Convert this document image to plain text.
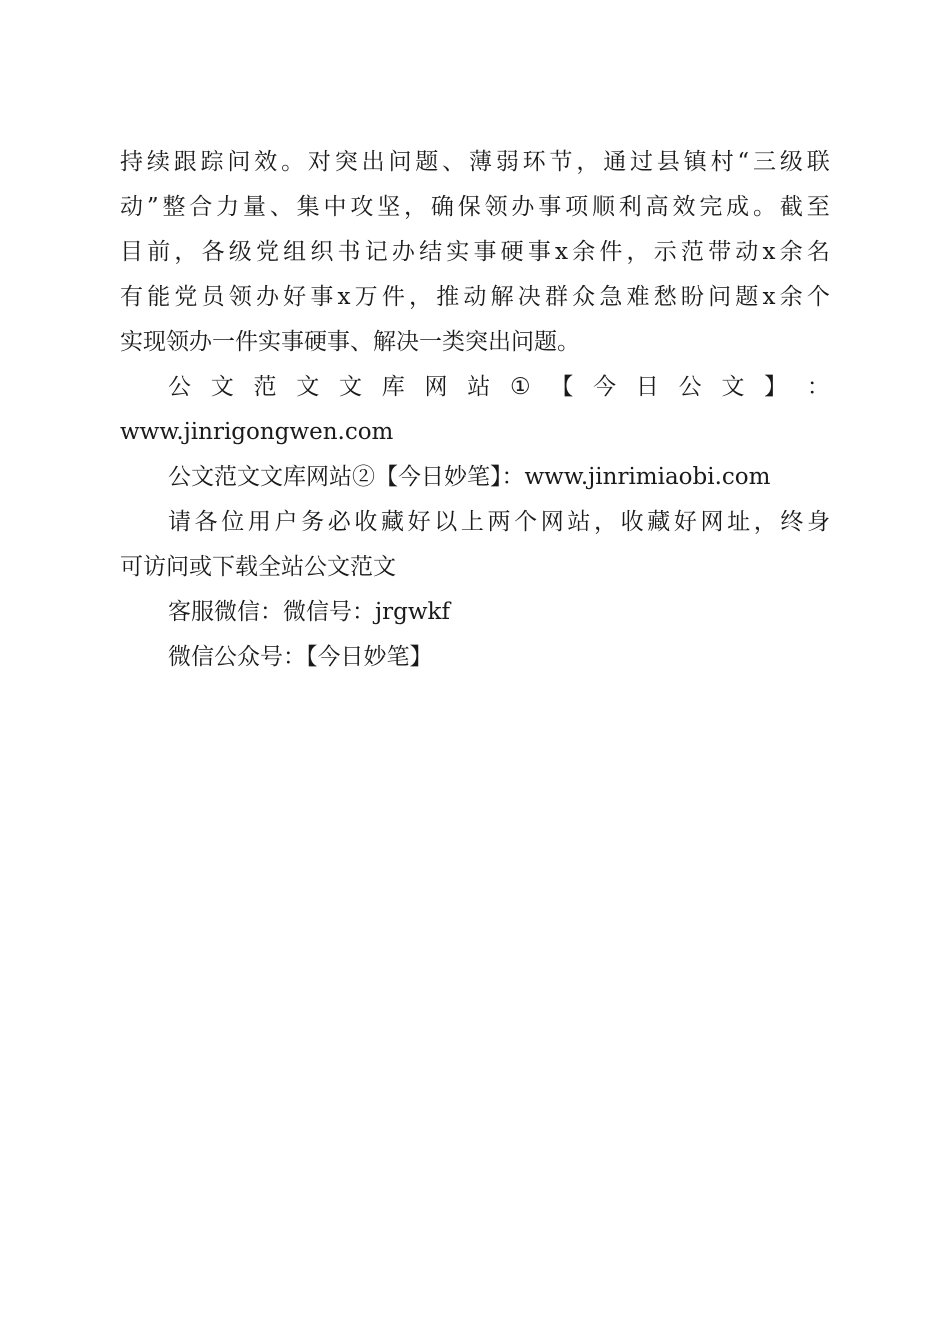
持 续 跟 踪 问 效 。 对 突 出 问 题 、 薄 弱 环 节 ， 通 过 县 镇 村 “ 三 级 联
动 ” 整 合 力 量 、 集 中 攻 坚 ， 确 保 领 办 事 项 顺 利 高 效 完 成 。 截 至
目 前 ， 各 级 党 组 织 书 记 办 结 实 事 硬 事 x 余 件 ， 示 范 带 动 x 余 名
有 能 党 员 领 办 好 事 x 万 件 ， 推 动 解 决 群 众 急 难 愁 盼 问 题 x 余 个
实现领办一件实事硬事、解决一类突出问题。
公 文 范 文 文 库 网 站 ① 【 今 日 公 文 】 ：
www.jinrigongwen.com
公文范文文库网站②【今日妙笔】：www.jinrimiaobi.com
请 各 位 用 户 务 必 收 藏 好 以 上 两 个 网 站 ， 收 藏 好 网 址 ， 终 身
可访问或下载全站公文范文
客服微信：微信号：jrgwkf
微信公众号：【今日妙笔】
